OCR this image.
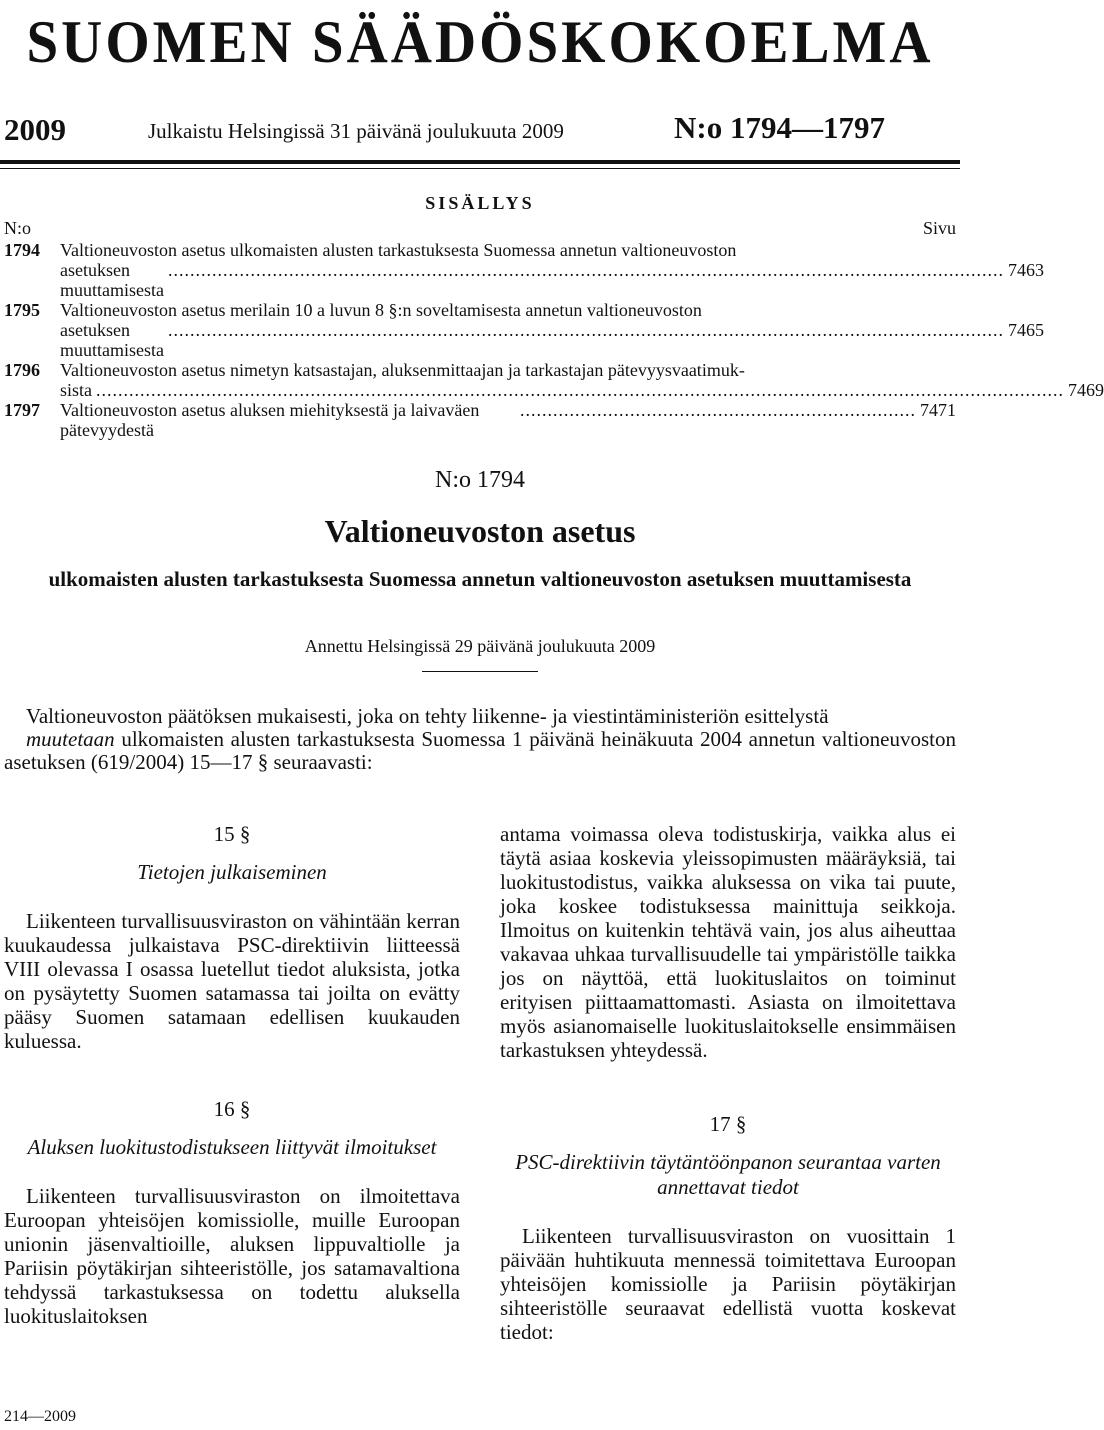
SUOMEN SÄÄDÖSKOKOELMA
2009	Julkaistu Helsingissä 31 päivänä joulukuuta 2009	N:o 1794—1797
SISÄLLYS
N:o	Sivu
1794	Valtioneuvoston asetus ulkomaisten alusten tarkastuksesta Suomessa annetun valtioneuvoston
asetuksen muuttamisesta
........................................................................................................................................................ 7463
1795	Valtioneuvoston asetus merilain 10 a luvun 8 §:n soveltamisesta annetun valtioneuvoston
asetuksen muuttamisesta
........................................................................................................................................................ 7465
1796	Valtioneuvoston asetus nimetyn katsastajan, aluksenmittaajan ja tarkastajan pätevyysvaatimuk-
sista ................................................................................................................................................................................ 7469
1797	Valtioneuvoston asetus aluksen miehityksestä ja laivaväen pätevyydestä
........................................................................ 7471
N:o 1794
Valtioneuvoston asetus
ulkomaisten alusten tarkastuksesta Suomessa annetun valtioneuvoston asetuksen muuttamisesta
Annettu Helsingissä 29 päivänä joulukuuta 2009

Valtioneuvoston päätöksen mukaisesti, joka on tehty liikenne- ja viestintäministeriön esittelystä

muutetaan ulkomaisten alusten tarkastuksesta Suomessa 1 päivänä heinäkuuta 2004 annetun valtioneuvoston asetuksen (619/2004) 15—17 § seuraavasti:

15 §

Tietojen julkaiseminen

Liikenteen turvallisuusviraston on vähintään kerran kuukaudessa julkaistava PSC-direktiivin liitteessä VIII olevassa I osassa luetellut tiedot aluksista, jotka on pysäytetty Suomen satamassa tai joilta on evätty pääsy Suomen satamaan edellisen kuukauden kuluessa.

16 §

Aluksen luokitustodistukseen liittyvät ilmoitukset

Liikenteen turvallisuusviraston on ilmoitettava Euroopan yhteisöjen komissiolle, muille Euroopan unionin jäsenvaltioille, aluksen lippuvaltiolle ja Pariisin pöytäkirjan sihteeristölle, jos satamavaltiona tehdyssä tarkastuksessa on todettu aluksella luokituslaitoksen

antama voimassa oleva todistuskirja, vaikka alus ei täytä asiaa koskevia yleissopimusten määräyksiä, tai luokitustodistus, vaikka aluksessa on vika tai puute, joka koskee todistuksessa mainittuja seikkoja. Ilmoitus on kuitenkin tehtävä vain, jos alus aiheuttaa vakavaa uhkaa turvallisuudelle tai ympäristölle taikka jos on näyttöä, että luokituslaitos on toiminut erityisen piittaamattomasti. Asiasta on ilmoitettava myös asianomaiselle luokituslaitokselle ensimmäisen tarkastuksen yhteydessä.

17 §

PSC-direktiivin täytäntöönpanon seurantaa varten annettavat tiedot

Liikenteen turvallisuusviraston on vuosittain 1 päivään huhtikuuta mennessä toimitettava Euroopan yhteisöjen komissiolle ja Pariisin pöytäkirjan sihteeristölle seuraavat edellistä vuotta koskevat tiedot:

214—2009
